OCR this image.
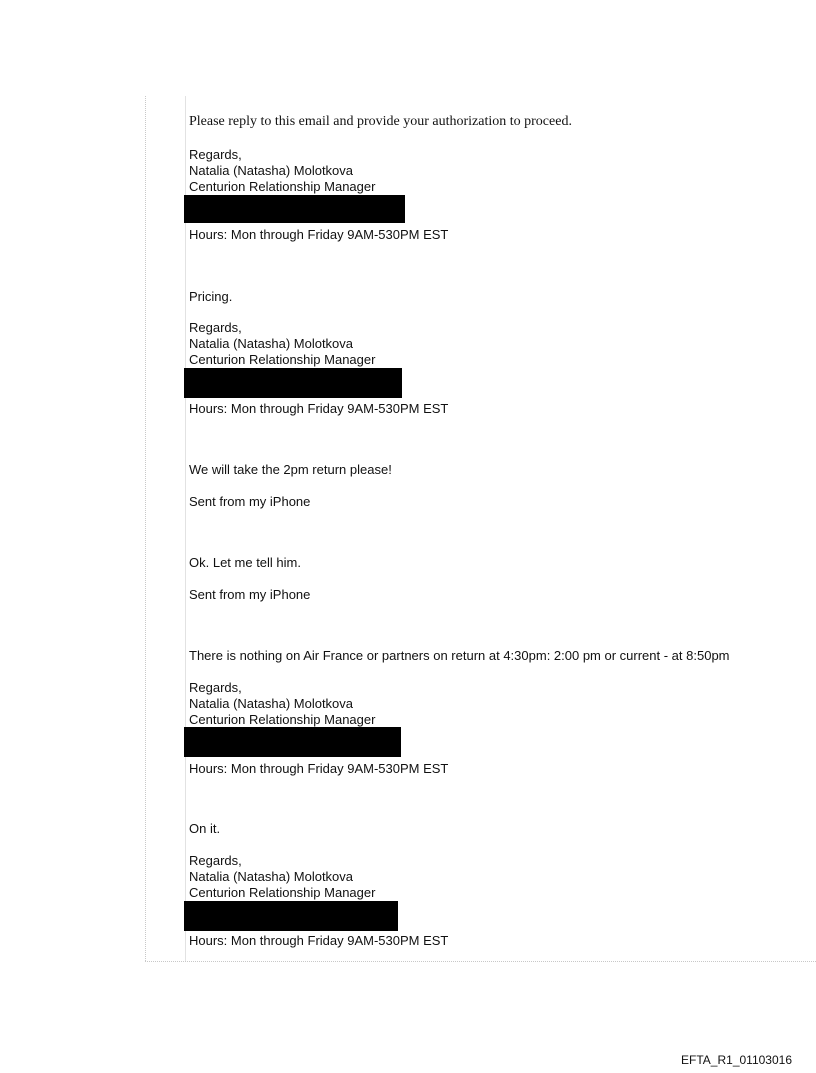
Please reply to this email and provide your authorization to proceed.

Regards,

Natalia (Natasha) Molotkova

Centurion Relationship Manager

Hours: Mon through Friday 9AM-530PM EST

Pricing.

Regards,

Natalia (Natasha) Molotkova

Centurion Relationship Manager

Hours: Mon through Friday 9AM-530PM EST

We will take the 2pm return please!

Sent from my iPhone

Ok. Let me tell him.

Sent from my iPhone

There is nothing on Air France or partners on return at 4:30pm: 2:00 pm or current - at 8:50pm

Regards,

Natalia (Natasha) Molotkova

Centurion Relationship Manager

Hours: Mon through Friday 9AM-530PM EST

On it.

Regards,

Natalia (Natasha) Molotkova

Centurion Relationship Manager

Hours: Mon through Friday 9AM-530PM EST

EFTA_R1_01103016
